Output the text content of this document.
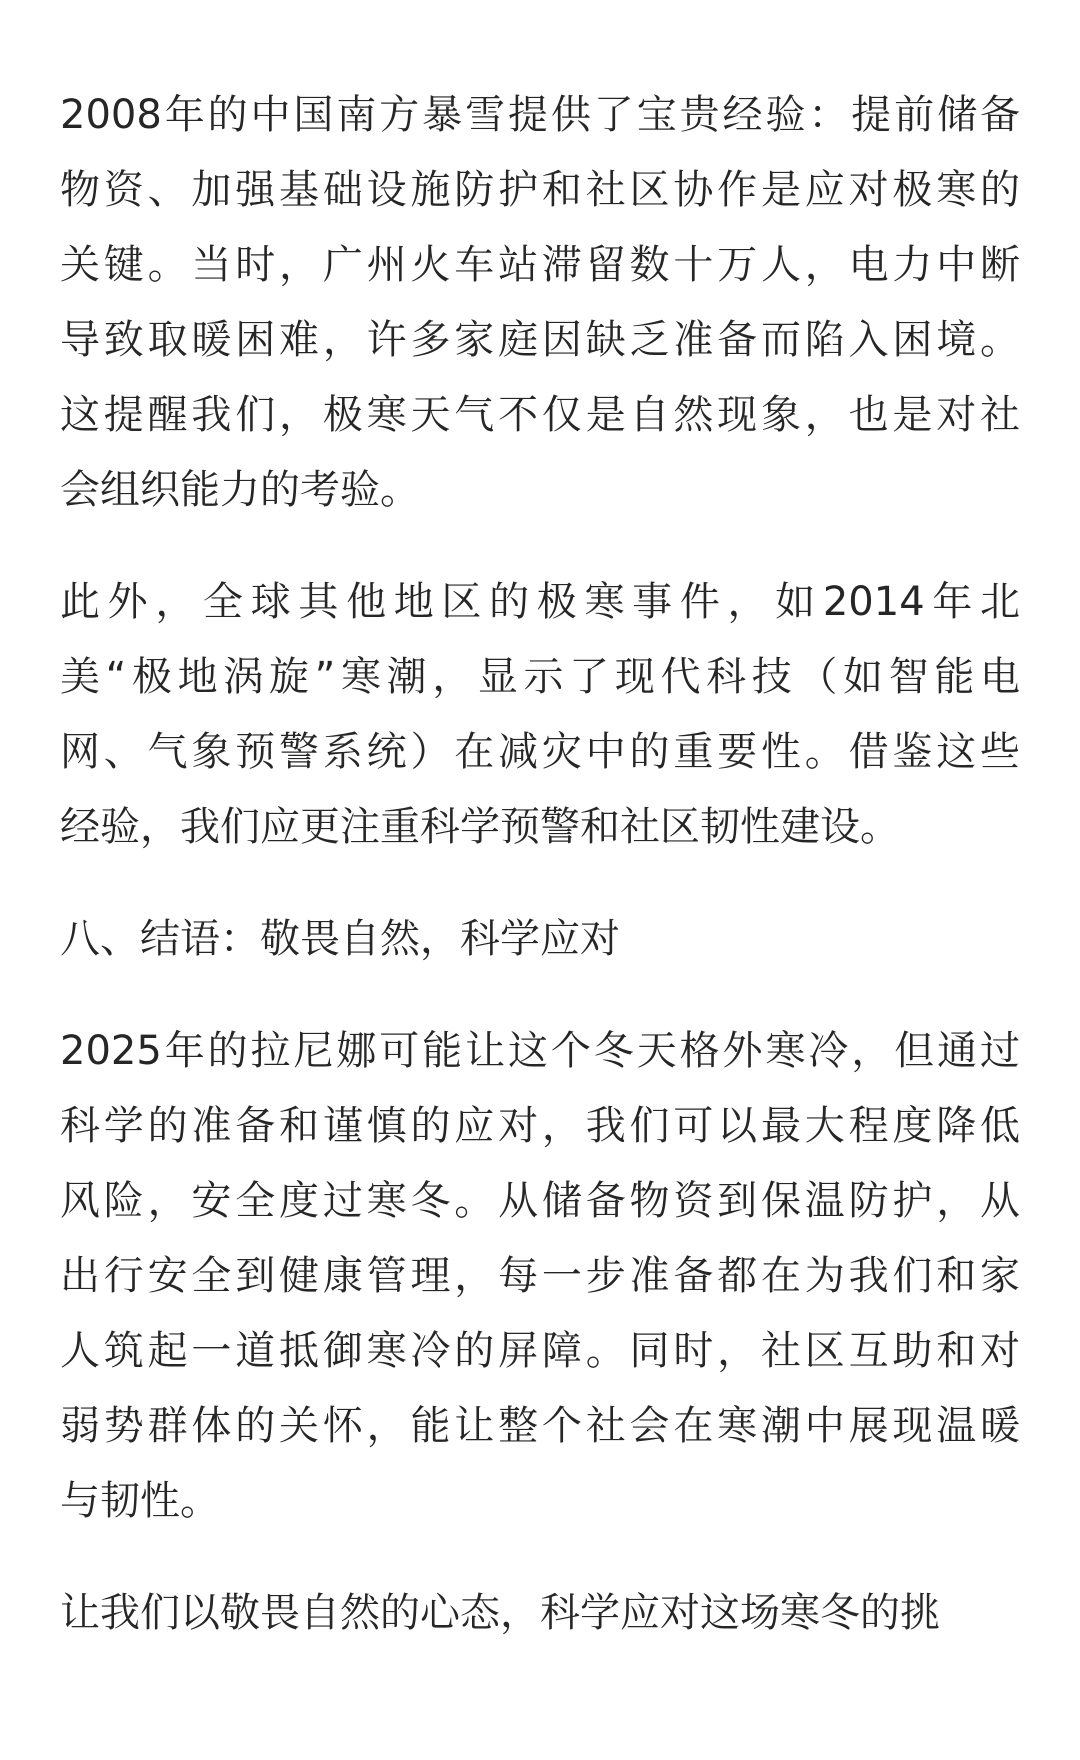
2008年的中国南方暴雪提供了宝贵经验：提前储备
物资、加强基础设施防护和社区协作是应对极寒的
关键。当时，广州火车站滞留数十万人，电力中断
导致取暖困难，许多家庭因缺乏准备而陷入困境。
这提醒我们，极寒天气不仅是自然现象，也是对社
会组织能力的考验。
此外，全球其他地区的极寒事件，如2014年北
美“极地涡旋”寒潮，显示了现代科技（如智能电
网、气象预警系统）在减灾中的重要性。借鉴这些
经验，我们应更注重科学预警和社区韧性建设。
八、结语：敬畏自然，科学应对
2025年的拉尼娜可能让这个冬天格外寒冷，但通过
科学的准备和谨慎的应对，我们可以最大程度降低
风险，安全度过寒冬。从储备物资到保温防护，从
出行安全到健康管理，每一步准备都在为我们和家
人筑起一道抵御寒冷的屏障。同时，社区互助和对
弱势群体的关怀，能让整个社会在寒潮中展现温暖
与韧性。
让我们以敬畏自然的心态，科学应对这场寒冬的挑
